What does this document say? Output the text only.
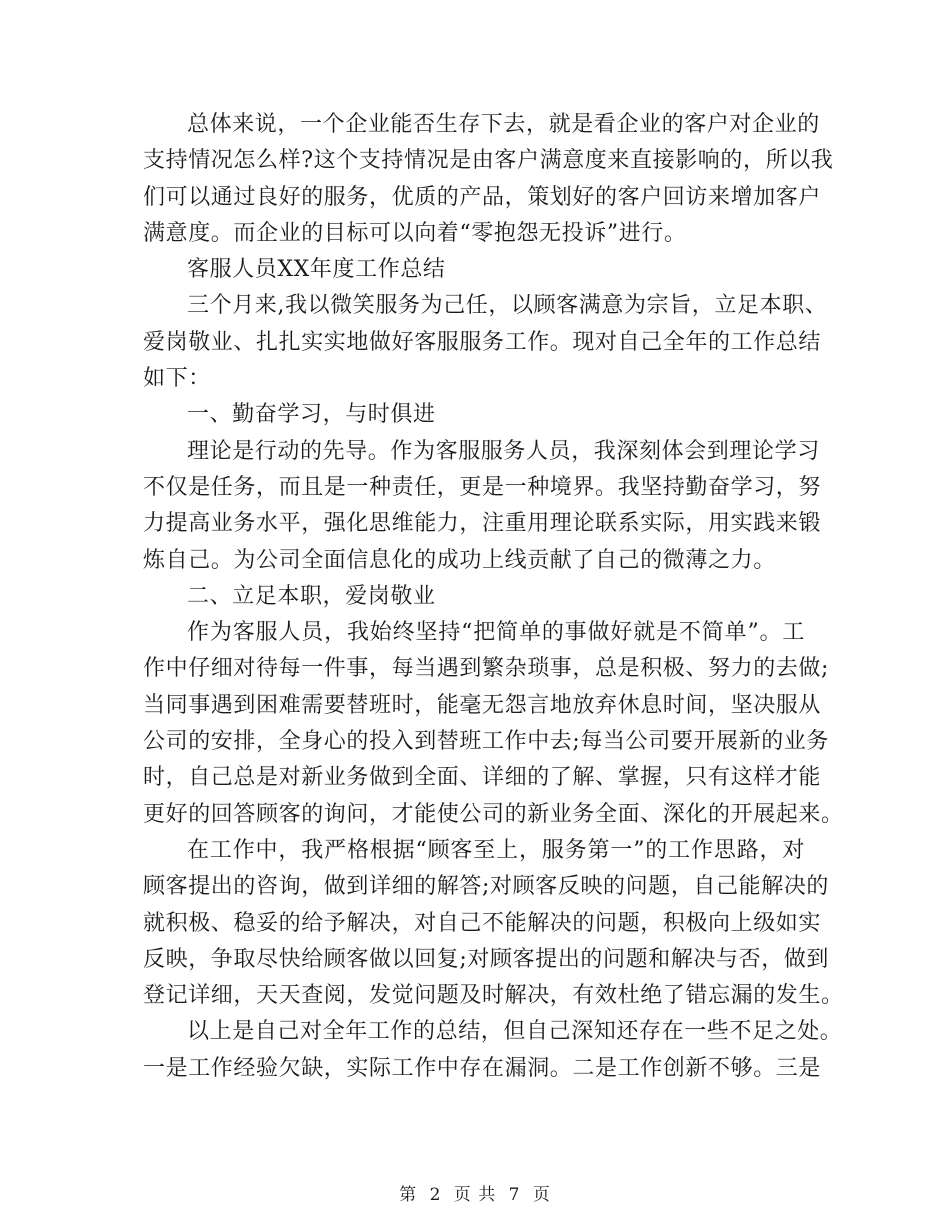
总体来说，一个企业能否生存下去，就是看企业的客户对企业的
支持情况怎么样?这个支持情况是由客户满意度来直接影响的，所以我
们可以通过良好的服务，优质的产品，策划好的客户回访来增加客户
满意度。而企业的目标可以向着“零抱怨无投诉”进行。
客服人员XX年度工作总结
三个月来,我以微笑服务为己任，以顾客满意为宗旨，立足本职、
爱岗敬业、扎扎实实地做好客服服务工作。现对自己全年的工作总结
如下：
一、勤奋学习，与时俱进
理论是行动的先导。作为客服服务人员，我深刻体会到理论学习
不仅是任务，而且是一种责任，更是一种境界。我坚持勤奋学习，努
力提高业务水平，强化思维能力，注重用理论联系实际，用实践来锻
炼自己。为公司全面信息化的成功上线贡献了自己的微薄之力。
二、立足本职，爱岗敬业
作为客服人员，我始终坚持“把简单的事做好就是不简单”。工
作中仔细对待每一件事，每当遇到繁杂琐事，总是积极、努力的去做;
当同事遇到困难需要替班时，能毫无怨言地放弃休息时间，坚决服从
公司的安排，全身心的投入到替班工作中去;每当公司要开展新的业务
时，自己总是对新业务做到全面、详细的了解、掌握，只有这样才能
更好的回答顾客的询问，才能使公司的新业务全面、深化的开展起来。
在工作中，我严格根据“顾客至上，服务第一”的工作思路，对
顾客提出的咨询，做到详细的解答;对顾客反映的问题，自己能解决的
就积极、稳妥的给予解决，对自己不能解决的问题，积极向上级如实
反映，争取尽快给顾客做以回复;对顾客提出的问题和解决与否，做到
登记详细，天天查阅，发觉问题及时解决，有效杜绝了错忘漏的发生。
以上是自己对全年工作的总结，但自己深知还存在一些不足之处。
一是工作经验欠缺，实际工作中存在漏洞。二是工作创新不够。三是
第 2 页 共 7 页
